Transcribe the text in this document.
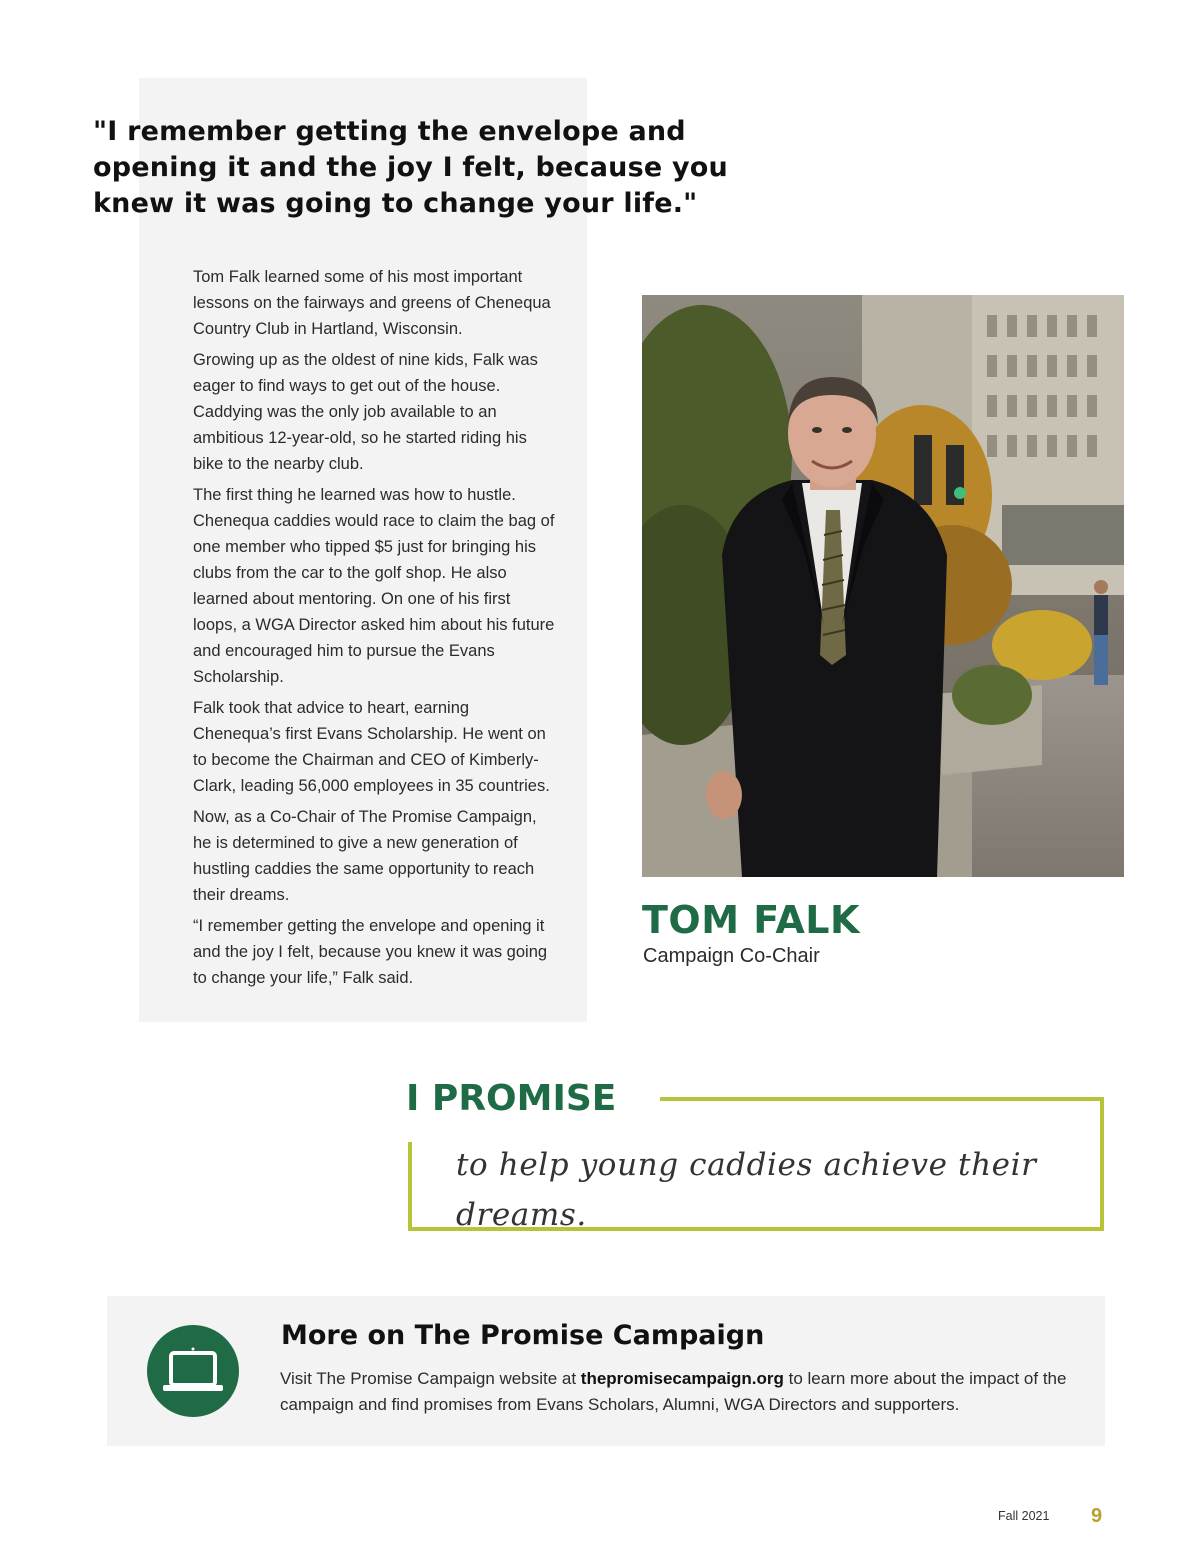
"I remember getting the envelope and opening it and the joy I felt, because you knew it was going to change your life."

Tom Falk learned some of his most important lessons on the fairways and greens of Chenequa Country Club in Hartland, Wisconsin.

Growing up as the oldest of nine kids, Falk was eager to find ways to get out of the house. Caddying was the only job available to an ambitious 12-year-old, so he started riding his bike to the nearby club.

The first thing he learned was how to hustle. Chenequa caddies would race to claim the bag of one member who tipped $5 just for bringing his clubs from the car to the golf shop. He also learned about mentoring. On one of his first loops, a WGA Director asked him about his future and encouraged him to pursue the Evans Scholarship.

Falk took that advice to heart, earning Chenequa’s first Evans Scholarship. He went on to become the Chairman and CEO of Kimberly-Clark, leading 56,000 employees in 35 countries.

Now, as a Co-Chair of The Promise Campaign, he is determined to give a new generation of hustling caddies the same opportunity to reach their dreams.

“I remember getting the envelope and opening it and the joy I felt, because you knew it was going to change your life,” Falk said.

TOM FALK
Campaign Co-Chair
I PROMISE
to help young caddies achieve their dreams.
More on The Promise Campaign
Visit The Promise Campaign website at thepromisecampaign.org to learn more about the impact of the campaign and find promises from Evans Scholars, Alumni, WGA Directors and supporters.
Fall 2021 9
